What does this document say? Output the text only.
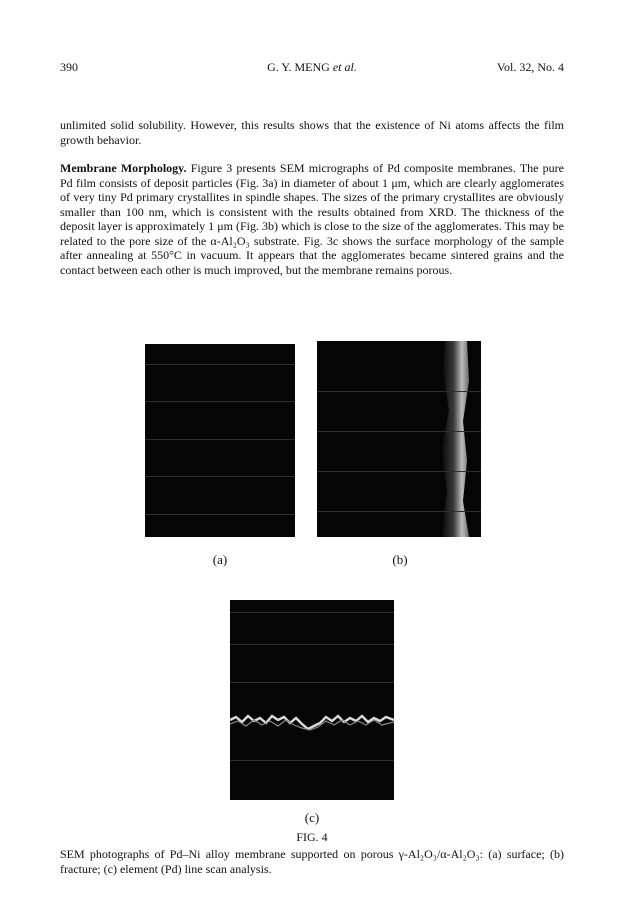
390	G. Y. MENG et al.	Vol. 32, No. 4

unlimited solid solubility. However, this results shows that the existence of Ni atoms affects the film growth behavior.

Membrane Morphology. Figure 3 presents SEM micrographs of Pd composite membranes. The pure Pd film consists of deposit particles (Fig. 3a) in diameter of about 1 μm, which are clearly agglomerates of very tiny Pd primary crystallites in spindle shapes. The sizes of the primary crystallites are obviously smaller than 100 nm, which is consistent with the results obtained from XRD. The thickness of the deposit layer is approximately 1 μm (Fig. 3b) which is close to the size of the agglomerates. This may be related to the pore size of the α-Al₂O₃ substrate. Fig. 3c shows the surface morphology of the sample after annealing at 550°C in vacuum. It appears that the agglomerates became sintered grains and the contact between each other is much improved, but the membrane remains porous.

(a)	(b)
(c)
FIG. 4

SEM photographs of Pd–Ni alloy membrane supported on porous γ-Al₂O₃/α-Al₂O₃: (a) surface; (b) fracture; (c) element (Pd) line scan analysis.
